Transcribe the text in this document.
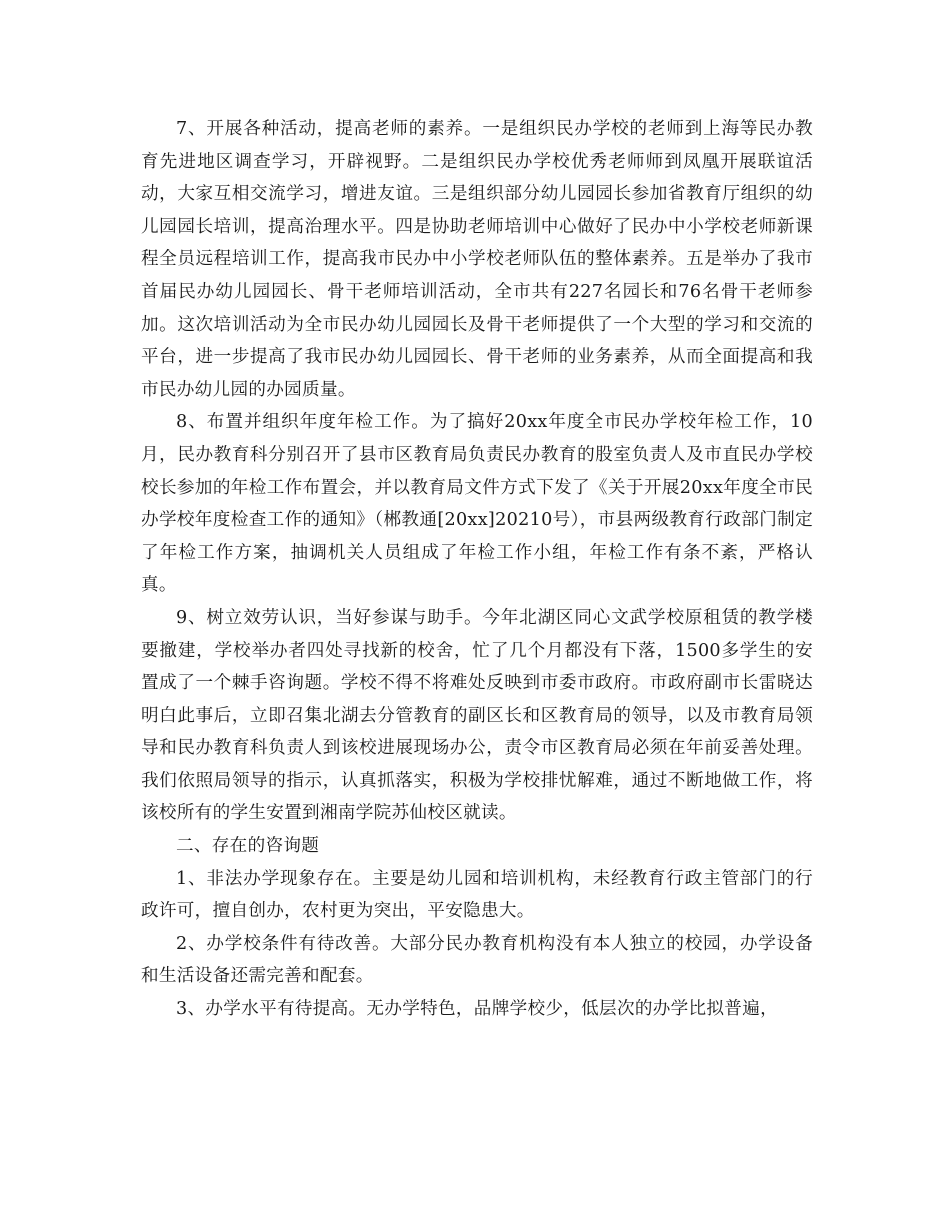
7、开展各种活动，提高老师的素养。一是组织民办学校的老师到上海等民办教育先进地区调查学习，开辟视野。二是组织民办学校优秀老师师到凤凰开展联谊活动，大家互相交流学习，增进友谊。三是组织部分幼儿园园长参加省教育厅组织的幼儿园园长培训，提高治理水平。四是协助老师培训中心做好了民办中小学校老师新课程全员远程培训工作，提高我市民办中小学校老师队伍的整体素养。五是举办了我市首届民办幼儿园园长、骨干老师培训活动，全市共有227名园长和76名骨干老师参加。这次培训活动为全市民办幼儿园园长及骨干老师提供了一个大型的学习和交流的平台，进一步提高了我市民办幼儿园园长、骨干老师的业务素养，从而全面提高和我市民办幼儿园的办园质量。

8、布置并组织年度年检工作。为了搞好20xx年度全市民办学校年检工作，10月，民办教育科分别召开了县市区教育局负责民办教育的股室负责人及市直民办学校校长参加的年检工作布置会，并以教育局文件方式下发了《关于开展20xx年度全市民办学校年度检查工作的通知》（郴教通[20xx]20210号），市县两级教育行政部门制定了年检工作方案，抽调机关人员组成了年检工作小组，年检工作有条不紊，严格认真。

9、树立效劳认识，当好参谋与助手。今年北湖区同心文武学校原租赁的教学楼要撤建，学校举办者四处寻找新的校舍，忙了几个月都没有下落，1500多学生的安置成了一个棘手咨询题。学校不得不将难处反映到市委市政府。市政府副市长雷晓达明白此事后，立即召集北湖去分管教育的副区长和区教育局的领导，以及市教育局领导和民办教育科负责人到该校进展现场办公，责令市区教育局必须在年前妥善处理。我们依照局领导的指示，认真抓落实，积极为学校排忧解难，通过不断地做工作，将该校所有的学生安置到湘南学院苏仙校区就读。

二、存在的咨询题

1、非法办学现象存在。主要是幼儿园和培训机构，未经教育行政主管部门的行政许可，擅自创办，农村更为突出，平安隐患大。

2、办学校条件有待改善。大部分民办教育机构没有本人独立的校园，办学设备和生活设备还需完善和配套。

3、办学水平有待提高。无办学特色，品牌学校少，低层次的办学比拟普遍，
